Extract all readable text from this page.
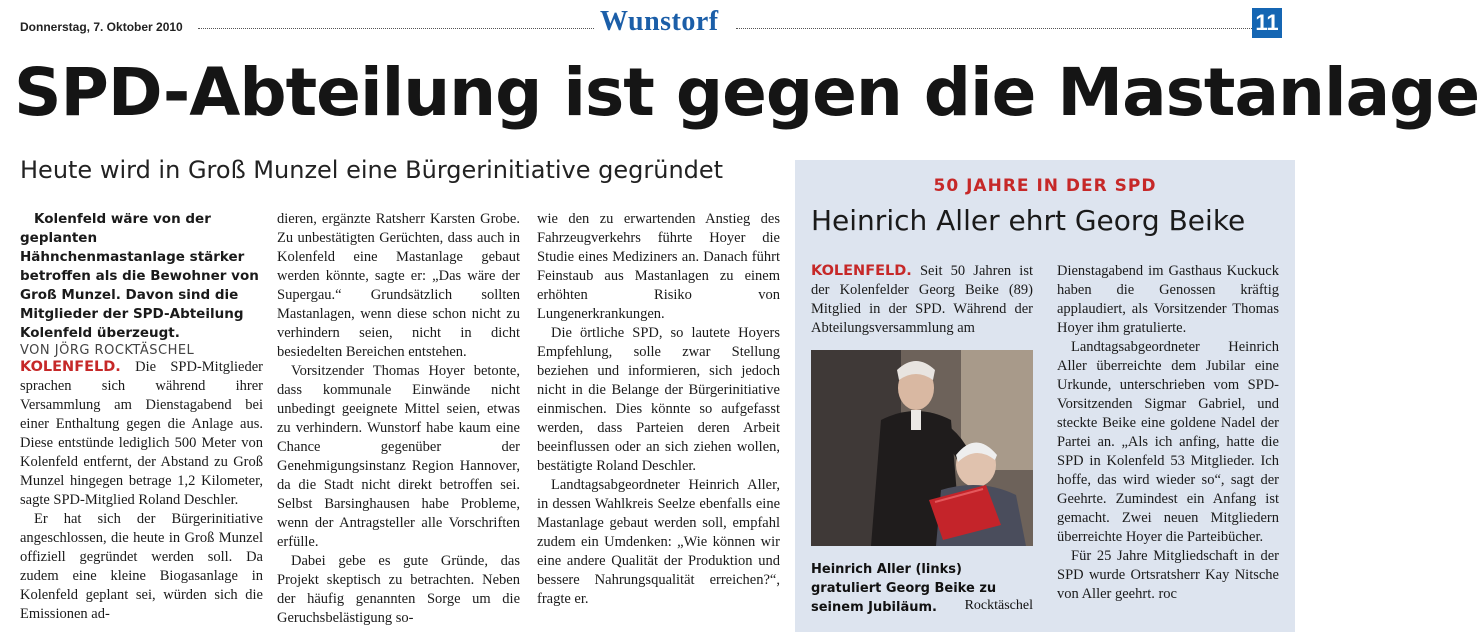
Donnerstag, 7. Oktober 2010	Wunstorf	11
SPD-Abteilung ist gegen die Mastanlage
Heute wird in Groß Munzel eine Bürgerinitiative gegründet

Kolenfeld wäre von der geplanten Hähnchenmastanlage stärker betroffen als die Bewohner von Groß Munzel. Davon sind die Mitglieder der SPD-Abteilung Kolenfeld überzeugt.

VON JÖRG ROCKTÄSCHEL

KOLENFELD. Die SPD-Mitglieder sprachen sich während ihrer Versammlung am Dienstagabend bei einer Enthaltung gegen die Anlage aus. Diese entstünde lediglich 500 Meter von Kolenfeld entfernt, der Abstand zu Groß Munzel hingegen betrage 1,2 Kilometer, sagte SPD-Mitglied Roland Deschler.

Er hat sich der Bürgerinitiative angeschlossen, die heute in Groß Munzel offiziell gegründet werden soll. Da zudem eine kleine Biogasanlage in Kolenfeld geplant sei, würden sich die Emissionen ad-

dieren, ergänzte Ratsherr Karsten Grobe. Zu unbestätigten Gerüchten, dass auch in Kolenfeld eine Mastanlage gebaut werden könnte, sagte er: „Das wäre der Supergau.“ Grundsätzlich sollten Mastanlagen, wenn diese schon nicht zu verhindern seien, nicht in dicht besiedelten Bereichen entstehen.

Vorsitzender Thomas Hoyer betonte, dass kommunale Einwände nicht unbedingt geeignete Mittel seien, etwas zu verhindern. Wunstorf habe kaum eine Chance gegenüber der Genehmigungsinstanz Region Hannover, da die Stadt nicht direkt betroffen sei. Selbst Barsinghausen habe Probleme, wenn der Antragsteller alle Vorschriften erfülle.

Dabei gebe es gute Gründe, das Projekt skeptisch zu betrachten. Neben der häufig genannten Sorge um die Geruchsbelästigung so-

wie den zu erwartenden Anstieg des Fahrzeugverkehrs führte Hoyer die Studie eines Mediziners an. Danach führt Feinstaub aus Mastanlagen zu einem erhöhten Risiko von Lungenerkrankungen.

Die örtliche SPD, so lautete Hoyers Empfehlung, solle zwar Stellung beziehen und informieren, sich jedoch nicht in die Belange der Bürgerinitiative einmischen. Dies könnte so aufgefasst werden, dass Parteien deren Arbeit beeinflussen oder an sich ziehen wollen, bestätigte Roland Deschler.

Landtagsabgeordneter Heinrich Aller, in dessen Wahlkreis Seelze ebenfalls eine Mastanlage gebaut werden soll, empfahl zudem ein Umdenken: „Wie können wir eine andere Qualität der Produktion und bessere Nahrungsqualität erreichen?“, fragte er.

50 JAHRE IN DER SPD
Heinrich Aller ehrt Georg Beike

KOLENFELD. Seit 50 Jahren ist der Kolenfelder Georg Beike (89) Mitglied in der SPD. Während der Abteilungsversammlung am

Heinrich Aller (links) gratuliert Georg Beike zu seinem Jubiläum. Rocktäschel

Dienstagabend im Gasthaus Kuckuck haben die Genossen kräftig applaudiert, als Vorsitzender Thomas Hoyer ihm gratulierte.

Landtagsabgeordneter Heinrich Aller überreichte dem Jubilar eine Urkunde, unterschrieben vom SPD-Vorsitzenden Sigmar Gabriel, und steckte Beike eine goldene Nadel der Partei an. „Als ich anfing, hatte die SPD in Kolenfeld 53 Mitglieder. Ich hoffe, das wird wieder so“, sagt der Geehrte. Zumindest ein Anfang ist gemacht. Zwei neuen Mitgliedern überreichte Hoyer die Parteibücher.

Für 25 Jahre Mitgliedschaft in der SPD wurde Ortsratsherr Kay Nitsche von Aller geehrt. roc
